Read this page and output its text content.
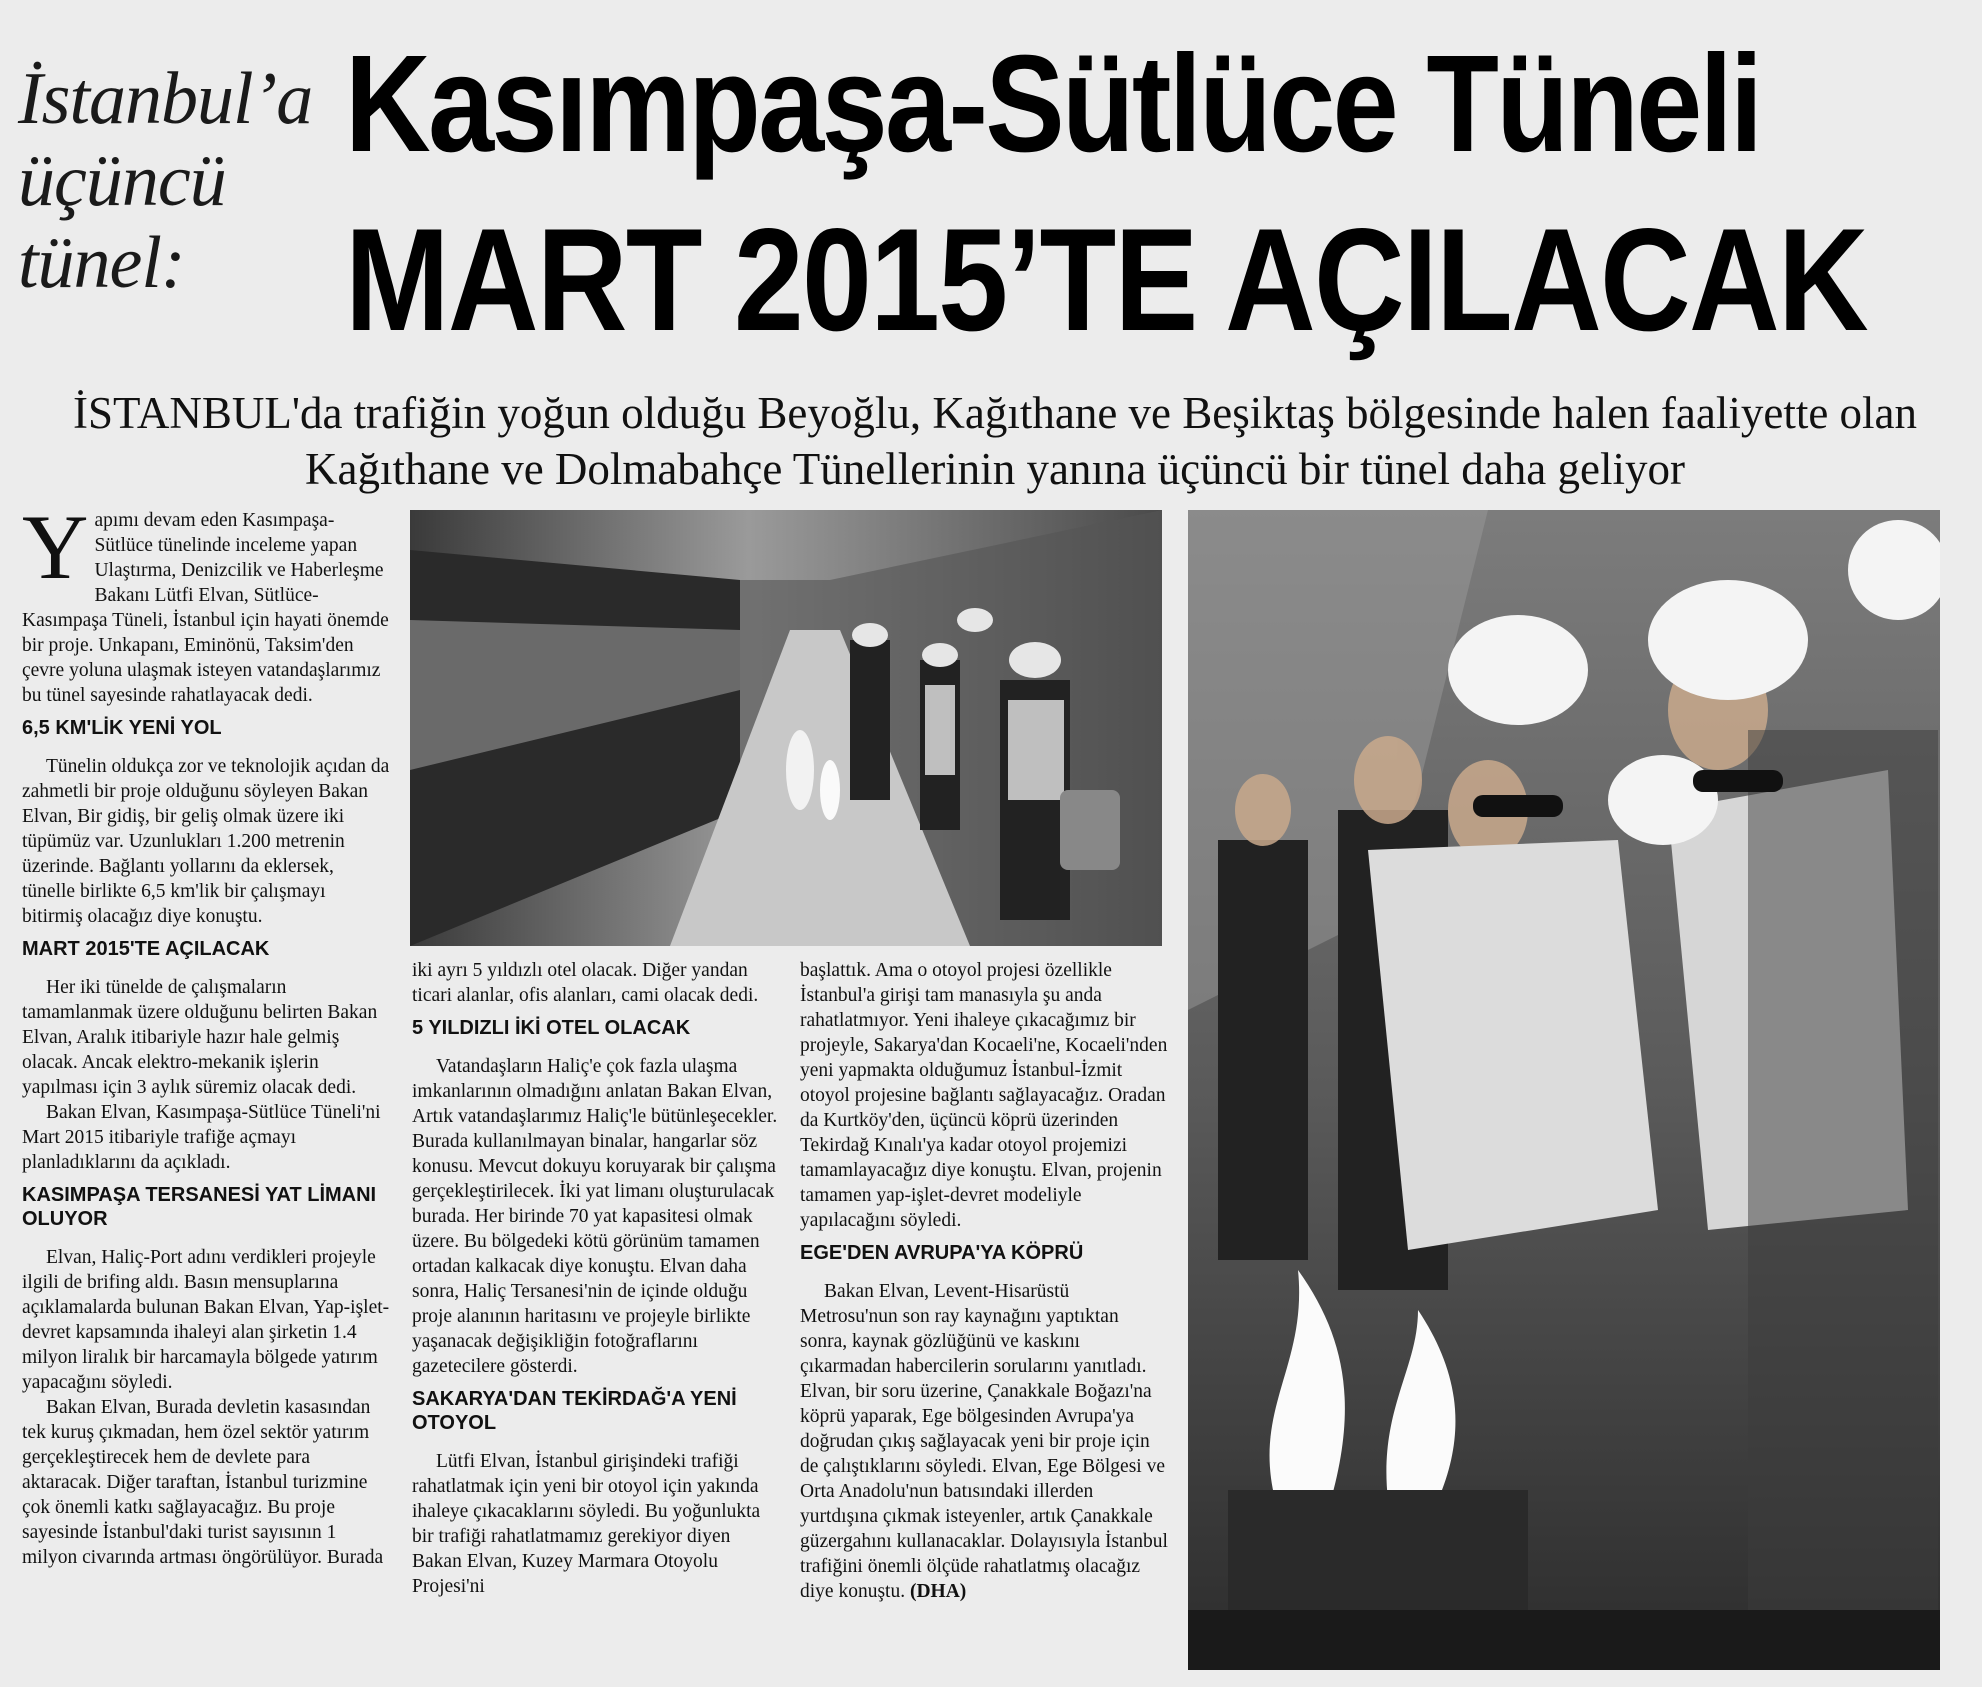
İstanbul’a
üçüncü
tünel:
Kasımpaşa-Sütlüce Tüneli
MART 2015’TE AÇILACAK
İSTANBUL'da trafiğin yoğun olduğu Beyoğlu, Kağıthane ve Beşiktaş bölgesinde halen faaliyette olan Kağıthane ve Dolmabahçe Tünellerinin yanına üçüncü bir tünel daha geliyor

Yapımı devam eden Kasımpaşa-Sütlüce tünelinde inceleme yapan Ulaştırma, Denizcilik ve Haberleşme Bakanı Lütfi Elvan, Sütlüce-Kasımpaşa Tüneli, İstanbul için hayati önemde bir proje. Unkapanı, Eminönü, Taksim'den çevre yoluna ulaşmak isteyen vatandaşlarımız bu tünel sayesinde rahatlayacak dedi.

6,5 KM'LİK YENİ YOL

Tünelin oldukça zor ve teknolojik açıdan da zahmetli bir proje olduğunu söyleyen Bakan Elvan, Bir gidiş, bir geliş olmak üzere iki tüpümüz var. Uzunlukları 1.200 metrenin üzerinde. Bağlantı yollarını da eklersek, tünelle birlikte 6,5 km'lik bir çalışmayı bitirmiş olacağız diye konuştu.

MART 2015'TE AÇILACAK

Her iki tünelde de çalışmaların tamamlanmak üzere olduğunu belirten Bakan Elvan, Aralık itibariyle hazır hale gelmiş olacak. Ancak elektro-mekanik işlerin yapılması için 3 aylık süremiz olacak dedi.

Bakan Elvan, Kasımpaşa-Sütlüce Tüneli'ni Mart 2015 itibariyle trafiğe açmayı planladıklarını da açıkladı.

KASIMPAŞA TERSANESİ YAT LİMANI OLUYOR

Elvan, Haliç-Port adını verdikleri projeyle ilgili de brifing aldı. Basın mensuplarına açıklamalarda bulunan Bakan Elvan, Yap-işlet-devret kapsamında ihaleyi alan şirketin 1.4 milyon liralık bir harcamayla bölgede yatırım yapacağını söyledi.

Bakan Elvan, Burada devletin kasasından tek kuruş çıkmadan, hem özel sektör yatırım gerçekleştirecek hem de devlete para aktaracak. Diğer taraftan, İstanbul turizmine çok önemli katkı sağlayacağız. Bu proje sayesinde İstanbul'daki turist sayısının 1 milyon civarında artması öngörülüyor. Burada

iki ayrı 5 yıldızlı otel olacak. Diğer yandan ticari alanlar, ofis alanları, cami olacak dedi.

5 YILDIZLI İKİ OTEL OLACAK

Vatandaşların Haliç'e çok fazla ulaşma imkanlarının olmadığını anlatan Bakan Elvan, Artık vatandaşlarımız Haliç'le bütünleşecekler. Burada kullanılmayan binalar, hangarlar söz konusu. Mevcut dokuyu koruyarak bir çalışma gerçekleştirilecek. İki yat limanı oluşturulacak burada. Her birinde 70 yat kapasitesi olmak üzere. Bu bölgedeki kötü görünüm tamamen ortadan kalkacak diye konuştu. Elvan daha sonra, Haliç Tersanesi'nin de içinde olduğu proje alanının haritasını ve projeyle birlikte yaşanacak değişikliğin fotoğraflarını gazetecilere gösterdi.

SAKARYA'DAN TEKİRDAĞ'A YENİ OTOYOL

Lütfi Elvan, İstanbul girişindeki trafiği rahatlatmak için yeni bir otoyol için yakında ihaleye çıkacaklarını söyledi. Bu yoğunlukta bir trafiği rahatlatmamız gerekiyor diyen Bakan Elvan, Kuzey Marmara Otoyolu Projesi'ni

başlattık. Ama o otoyol projesi özellikle İstanbul'a girişi tam manasıyla şu anda rahatlatmıyor. Yeni ihaleye çıkacağımız bir projeyle, Sakarya'dan Kocaeli'ne, Kocaeli'nden yeni yapmakta olduğumuz İstanbul-İzmit otoyol projesine bağlantı sağlayacağız. Oradan da Kurtköy'den, üçüncü köprü üzerinden Tekirdağ Kınalı'ya kadar otoyol projemizi tamamlayacağız diye konuştu. Elvan, projenin tamamen yap-işlet-devret modeliyle yapılacağını söyledi.

EGE'DEN AVRUPA'YA KÖPRÜ

Bakan Elvan, Levent-Hisarüstü Metrosu'nun son ray kaynağını yaptıktan sonra, kaynak gözlüğünü ve kaskını çıkarmadan habercilerin sorularını yanıtladı. Elvan, bir soru üzerine, Çanakkale Boğazı'na köprü yaparak, Ege bölgesinden Avrupa'ya doğrudan çıkış sağlayacak yeni bir proje için de çalıştıklarını söyledi. Elvan, Ege Bölgesi ve Orta Anadolu'nun batısındaki illerden yurtdışına çıkmak isteyenler, artık Çanakkale güzergahını kullanacaklar. Dolayısıyla İstanbul trafiğini önemli ölçüde rahatlatmış olacağız diye konuştu. (DHA)
